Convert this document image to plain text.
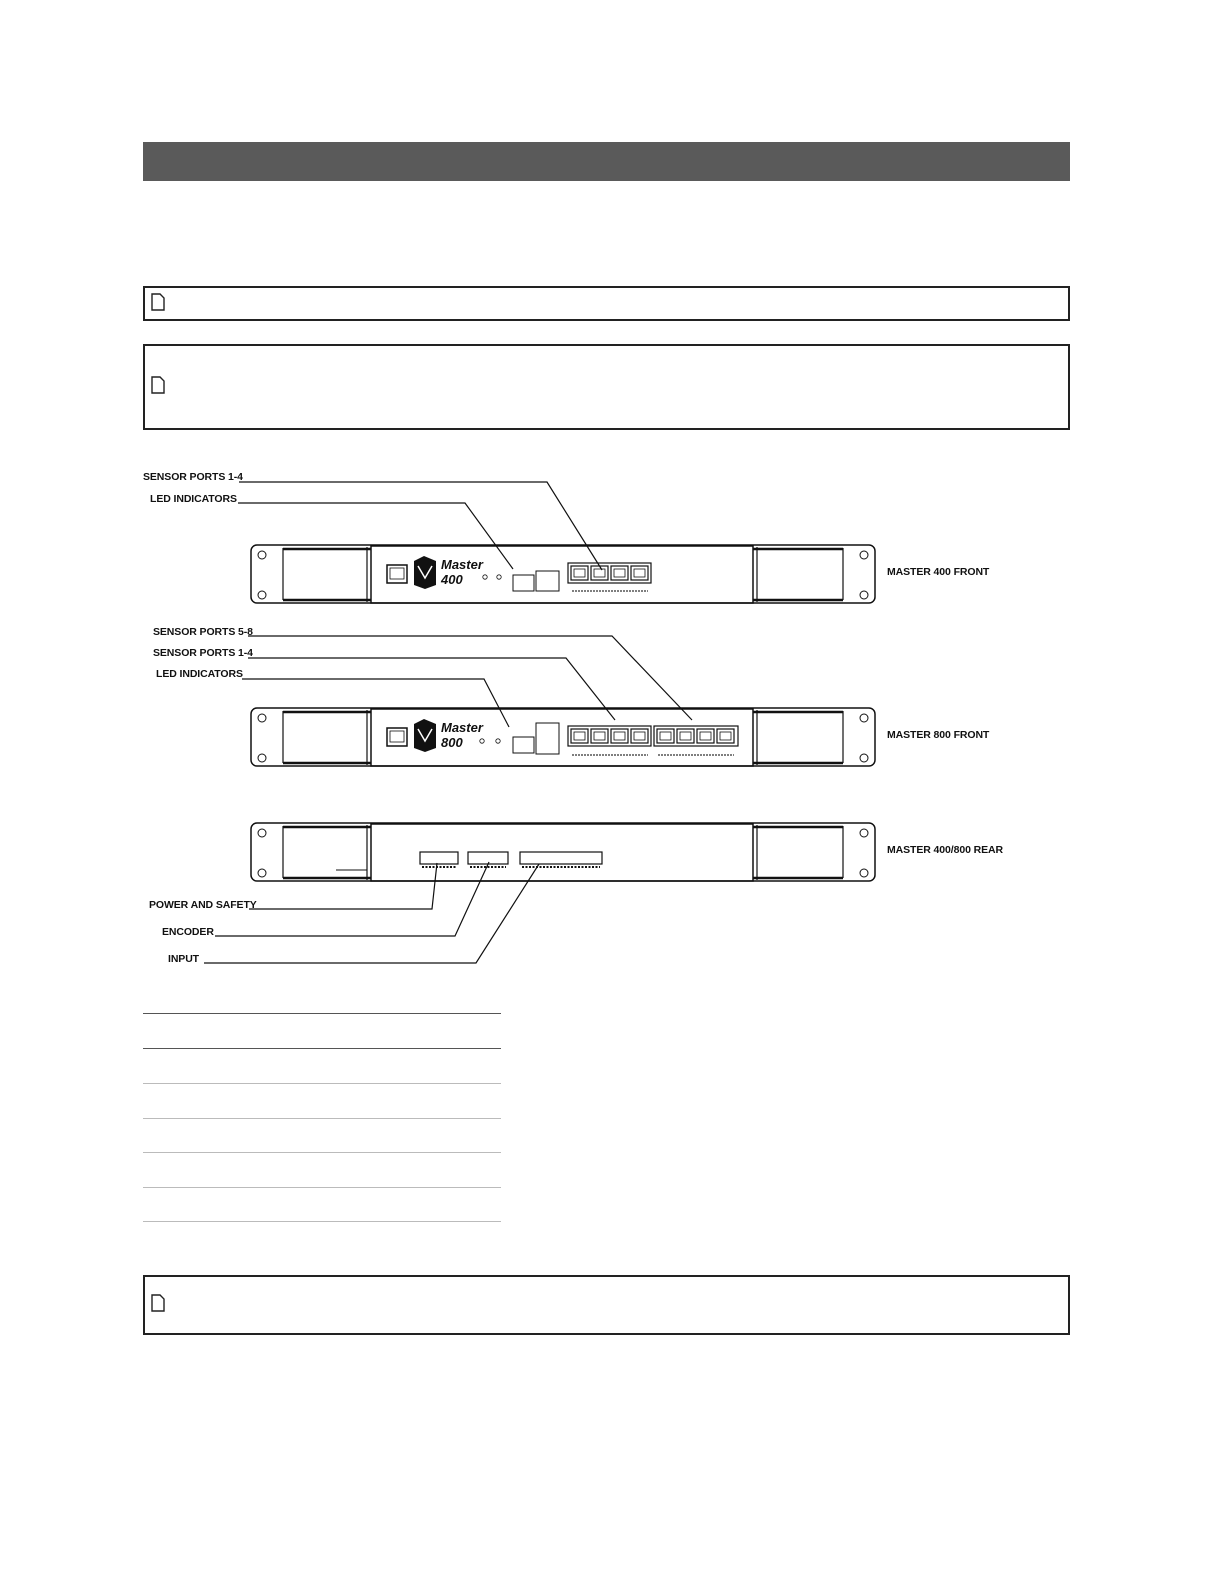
Master
400
Master
800
SENSOR PORTS 1-4
LED INDICATORS
MASTER 400 FRONT
SENSOR PORTS 5-8
SENSOR PORTS 1-4
LED INDICATORS
MASTER 800 FRONT
MASTER 400/800 REAR
POWER AND SAFETY
ENCODER
INPUT
